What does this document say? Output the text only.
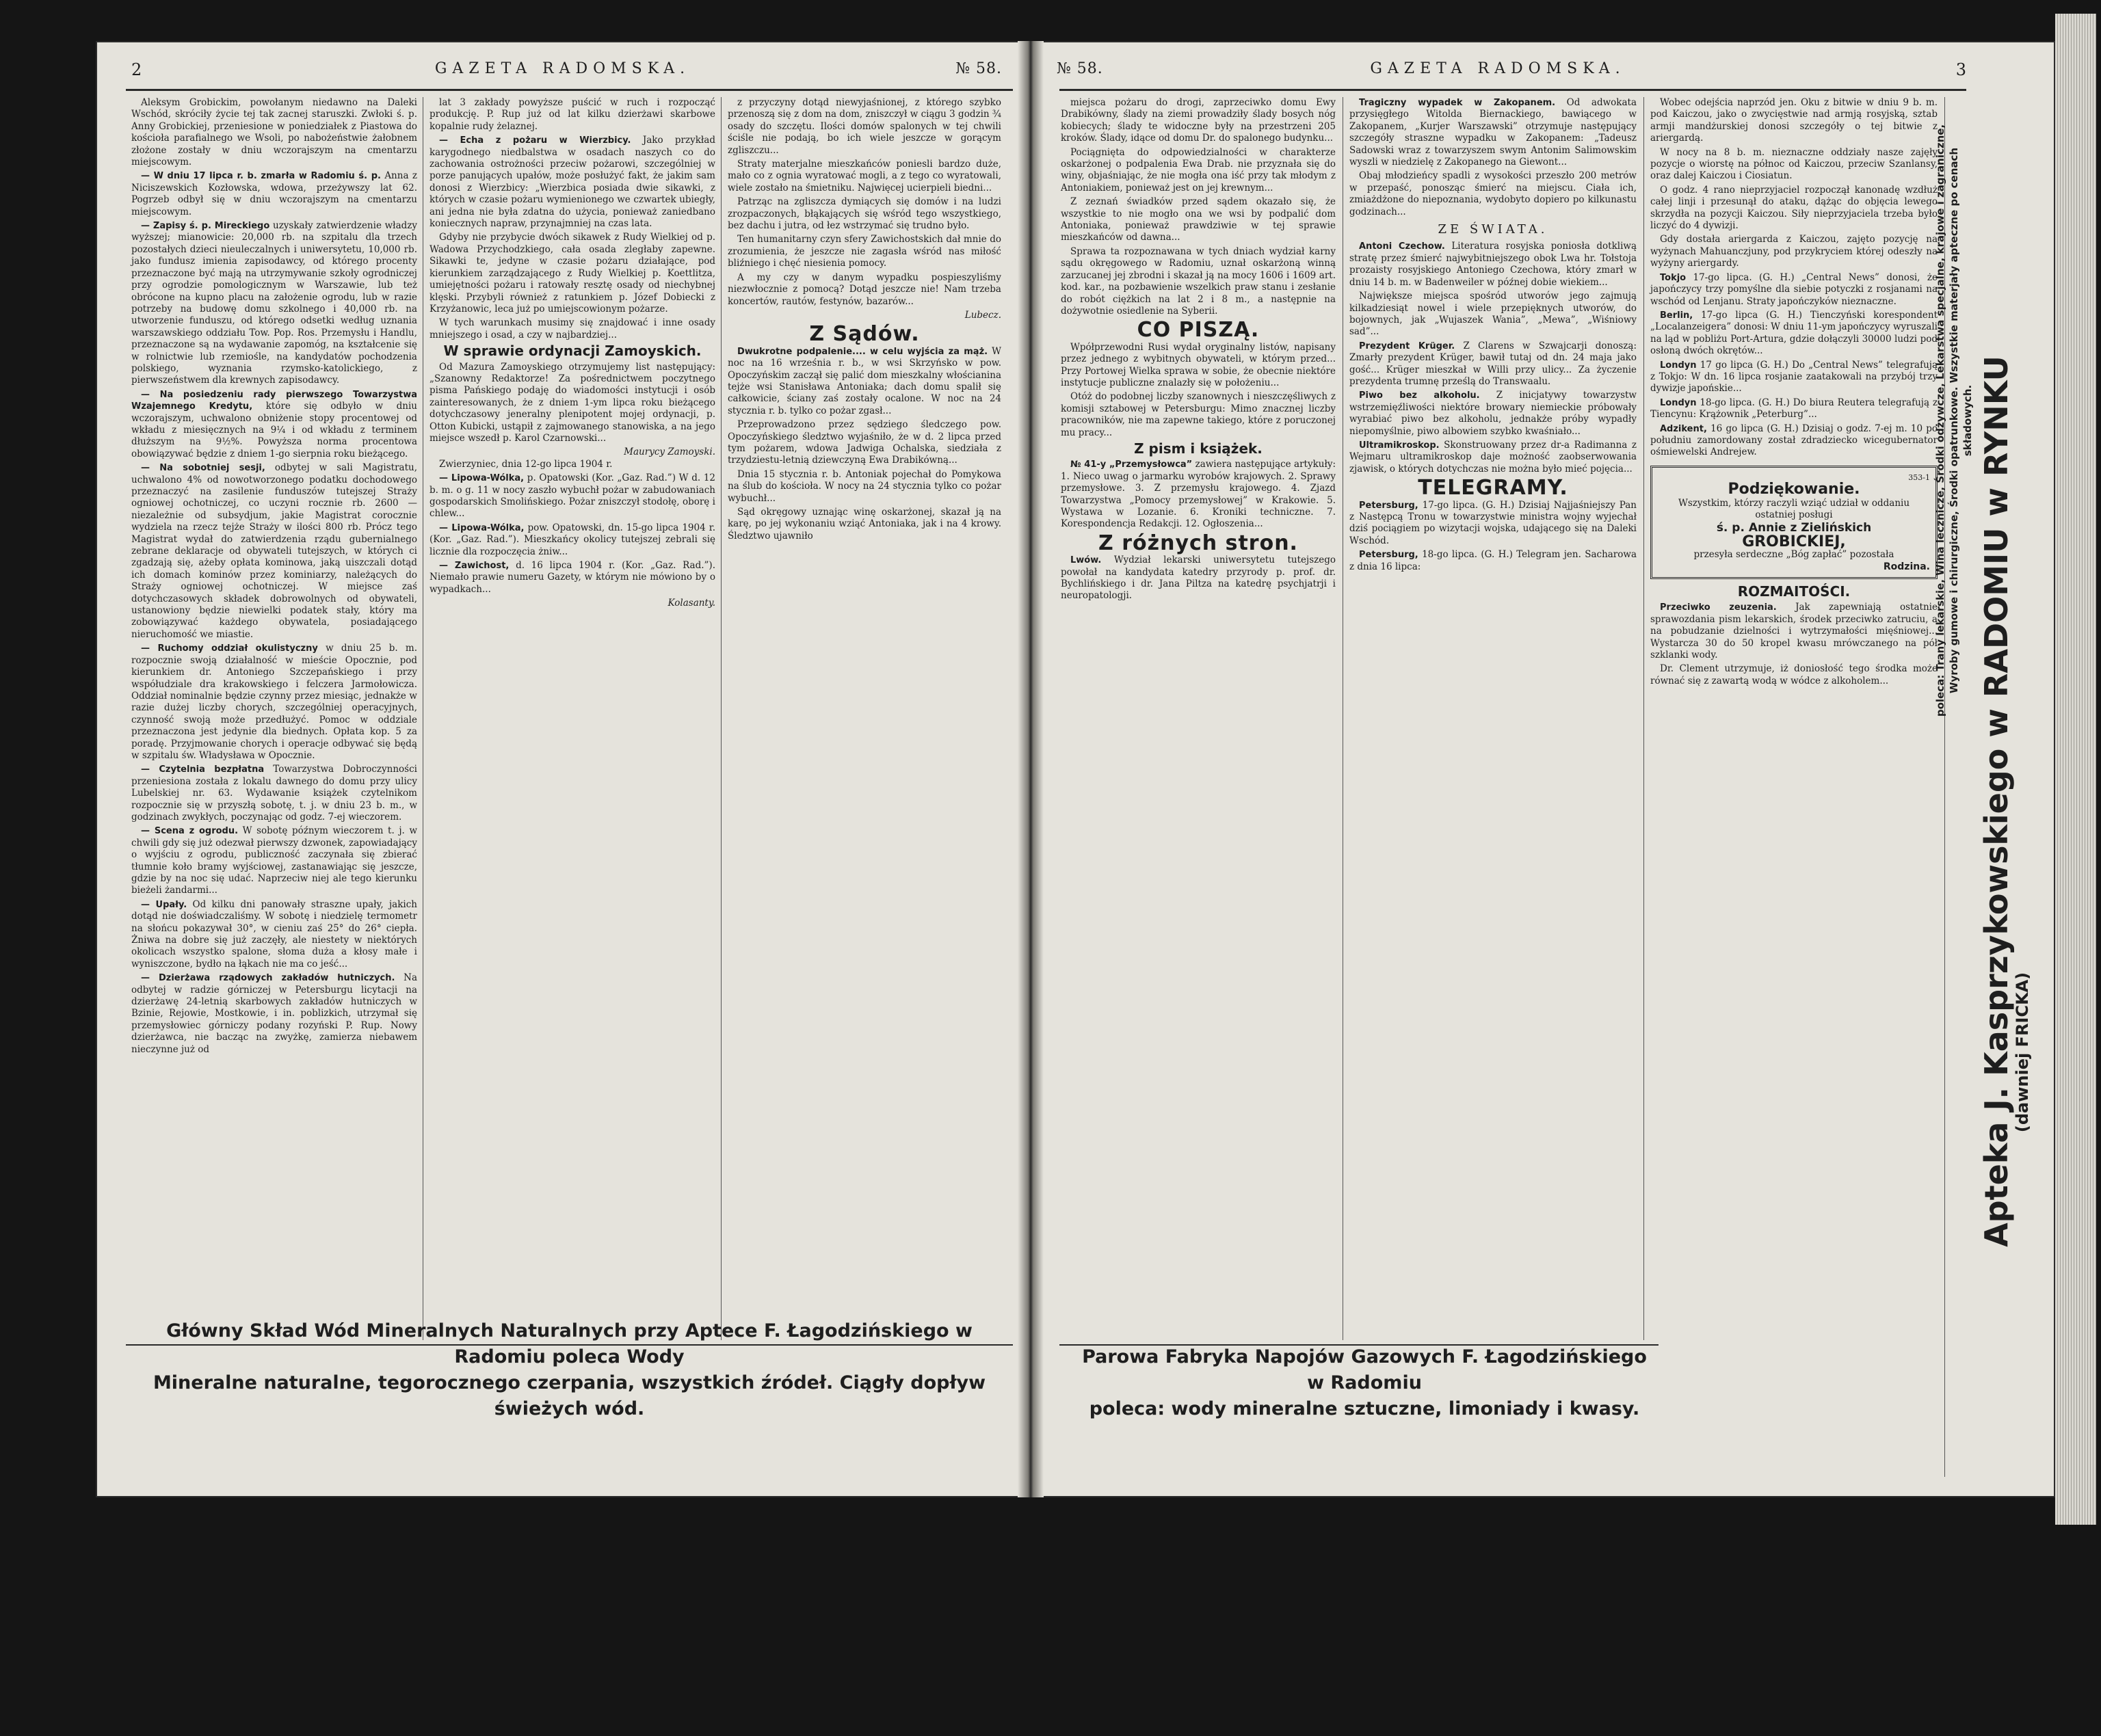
2	GAZETA RADOMSKA.	№ 58.

Aleksym Grobickim, powołanym niedawno na Daleki Wschód, skróciły życie tej tak zacnej staruszki. Zwłoki ś. p. Anny Grobickiej, przeniesione w poniedziałek z Piastowa do kościoła parafialnego we Wsoli, po nabożeństwie żałobnem złożone zostały w dniu wczorajszym na cmentarzu miejscowym.

— W dniu 17 lipca r. b. zmarła w Radomiu ś. p. Anna z Niciszewskich Kozłowska, wdowa, przeżywszy lat 62. Pogrzeb odbył się w dniu wczorajszym na cmentarzu miejscowym.

— Zapisy ś. p. Mireckiego uzyskały zatwierdzenie władzy wyższej; mianowicie: 20,000 rb. na szpitalu dla trzech pozostałych dzieci nieuleczalnych i uniwersytetu, 10,000 rb. jako fundusz imienia zapisodawcy, od którego procenty przeznaczone być mają na utrzymywanie szkoły ogrodniczej przy ogrodzie pomologicznym w Warszawie, lub też obrócone na kupno placu na założenie ogrodu, lub w razie potrzeby na budowę domu szkolnego i 40,000 rb. na utworzenie funduszu, od którego odsetki według uznania warszawskiego oddziału Tow. Pop. Ros. Przemysłu i Handlu, przeznaczone są na wydawanie zapomóg, na kształcenie się w rolnictwie lub rzemiośle, na kandydatów pochodzenia polskiego, wyznania rzymsko-katolickiego, z pierwszeństwem dla krewnych zapisodawcy.

— Na posiedzeniu rady pierwszego Towarzystwa Wzajemnego Kredytu, które się odbyło w dniu wczorajszym, uchwalono obniżenie stopy procentowej od wkładu z miesięcznych na 9¼ i od wkładu z terminem dłuższym na 9½%. Powyższa norma procentowa obowiązywać będzie z dniem 1-go sierpnia roku bieżącego.

— Na sobotniej sesji, odbytej w sali Magistratu, uchwalono 4% od nowotworzonego podatku dochodowego przeznaczyć na zasilenie funduszów tutejszej Straży ogniowej ochotniczej, co uczyni rocznie rb. 2600 — niezależnie od subsydjum, jakie Magistrat corocznie wydziela na rzecz tejże Straży w ilości 800 rb. Prócz tego Magistrat wydał do zatwierdzenia rządu gubernialnego zebrane deklaracje od obywateli tutejszych, w których ci zgadzają się, ażeby opłata kominowa, jaką uiszczali dotąd ich domach kominów przez kominiarzy, należących do Straży ogniowej ochotniczej. W miejsce zaś dotychczasowych składek dobrowolnych od obywateli, ustanowiony będzie niewielki podatek stały, który ma zobowiązywać każdego obywatela, posiadającego nieruchomość we miastie.

— Ruchomy oddział okulistyczny w dniu 25 b. m. rozpocznie swoją działalność w mieście Opocznie, pod kierunkiem dr. Antoniego Szczepańskiego i przy współudziale dra krakowskiego i felczera Jarmołowicza. Oddział nominalnie będzie czynny przez miesiąc, jednakże w razie dużej liczby chorych, szczególniej operacyjnych, czynność swoją może przedłużyć. Pomoc w oddziale przeznaczona jest jedynie dla biednych. Opłata kop. 5 za poradę. Przyjmowanie chorych i operacje odbywać się będą w szpitalu św. Władysława w Opocznie.

— Czytelnia bezpłatna Towarzystwa Dobroczynności przeniesiona została z lokalu dawnego do domu przy ulicy Lubelskiej nr. 63. Wydawanie książek czytelnikom rozpocznie się w przyszłą sobotę, t. j. w dniu 23 b. m., w godzinach zwykłych, poczynając od godz. 7-ej wieczorem.

— Scena z ogrodu. W sobotę późnym wieczorem t. j. w chwili gdy się już odezwał pierwszy dzwonek, zapowiadający o wyjściu z ogrodu, publiczność zaczynała się zbierać tłumnie koło bramy wyjściowej, zastanawiając się jeszcze, gdzie by na noc się udać. Naprzeciw niej ale tego kierunku bieżeli żandarmi...

— Upały. Od kilku dni panowały straszne upały, jakich dotąd nie doświadczaliśmy. W sobotę i niedzielę termometr na słońcu pokazywał 30°, w cieniu zaś 25° do 26° ciepła. Żniwa na dobre się już zaczęły, ale niestety w niektórych okolicach wszystko spalone, słoma duża a kłosy małe i wyniszczone, bydło na łąkach nie ma co jeść...

— Dzierżawa rządowych zakładów hutniczych. Na odbytej w radzie górniczej w Petersburgu licytacji na dzierżawę 24-letnią skarbowych zakładów hutniczych w Bzinie, Rejowie, Mostkowie, i in. poblizkich, utrzymał się przemysłowiec górniczy podany rozyński P. Rup. Nowy dzierżawca, nie bacząc na zwyżkę, zamierza niebawem nieczynne już od

lat 3 zakłady powyższe puścić w ruch i rozpocząć produkcję. P. Rup już od lat kilku dzierżawi skarbowe kopalnie rudy żelaznej.

— Echa z pożaru w Wierzbicy. Jako przykład karygodnego niedbalstwa w osadach naszych co do zachowania ostrożności przeciw pożarowi, szczególniej w porze panujących upałów, może posłużyć fakt, że jakim sam donosi z Wierzbicy: „Wierzbica posiada dwie sikawki, z których w czasie pożaru wymienionego we czwartek ubiegły, ani jedna nie była zdatna do użycia, ponieważ zaniedbano koniecznych napraw, przynajmniej na czas lata.

Gdyby nie przybycie dwóch sikawek z Rudy Wielkiej od p. Wadowa Przychodzkiego, cała osada zległaby zapewne. Sikawki te, jedyne w czasie pożaru działające, pod kierunkiem zarządzającego z Rudy Wielkiej p. Koettlitza, umiejętności pożaru i ratowały resztę osady od niechybnej klęski. Przybyli również z ratunkiem p. Józef Dobiecki z Krzyżanowic, leca już po umiejscowionym pożarze.

W tych warunkach musimy się znajdować i inne osady mniejszego i osad, a czy w najbardziej...

W sprawie ordynacji Zamoyskich.

Od Mazura Zamoyskiego otrzymujemy list następujący: „Szanowny Redaktorze! Za pośrednictwem poczytnego pisma Pańskiego podaję do wiadomości instytucji i osób zainteresowanych, że z dniem 1-ym lipca roku bieżącego dotychczasowy jeneralny plenipotent mojej ordynacji, p. Otton Kubicki, ustąpił z zajmowanego stanowiska, a na jego miejsce wszedł p. Karol Czarnowski...

Maurycy Zamoyski.

Zwierzyniec, dnia 12-go lipca 1904 r.

— Lipowa-Wólka, p. Opatowski (Kor. „Gaz. Rad.”) W d. 12 b. m. o g. 11 w nocy zaszło wybuchł pożar w zabudowaniach gospodarskich Smolińskiego. Pożar zniszczył stodołę, oborę i chlew...

— Lipowa-Wólka, pow. Opatowski, dn. 15-go lipca 1904 r. (Kor. „Gaz. Rad.”). Mieszkańcy okolicy tutejszej zebrali się licznie dla rozpoczęcia żniw...

— Zawichost, d. 16 lipca 1904 r. (Kor. „Gaz. Rad.”). Niemało prawie numeru Gazety, w którym nie mówiono by o wypadkach...

Kolasanty.

z przyczyny dotąd niewyjaśnionej, z którego szybko przenoszą się z dom na dom, zniszczył w ciągu 3 godzin ¾ osady do szczętu. Ilości domów spalonych w tej chwili ściśle nie podają, bo ich wiele jeszcze w gorącym zgliszczu...

Straty materjalne mieszkańców poniesli bardzo duże, mało co z ognia wyratować mogli, a z tego co wyratowali, wiele zostało na śmietniku. Najwięcej ucierpieli biedni...

Patrząc na zgliszcza dymiących się domów i na ludzi zrozpaczonych, błąkających się wśród tego wszystkiego, bez dachu i jutra, od łez wstrzymać się trudno było.

Ten humanitarny czyn sfery Zawichostskich dał mnie do zrozumienia, że jeszcze nie zagasła wśród nas miłość bliźniego i chęć niesienia pomocy.

A my czy w danym wypadku pospieszyliśmy niezwłocznie z pomocą? Dotąd jeszcze nie! Nam trzeba koncertów, rautów, festynów, bazarów...

Lubecz.
Z Sądów.

Dwukrotne podpalenie.... w celu wyjścia za mąż. W noc na 16 września r. b., w wsi Skrzyńsko w pow. Opoczyńskim zaczął się palić dom mieszkalny włościanina tejże wsi Stanisława Antoniaka; dach domu spalił się całkowicie, ściany zaś zostały ocalone. W noc na 24 stycznia r. b. tylko co pożar zgasł...

Przeprowadzono przez sędziego śledczego pow. Opoczyńskiego śledztwo wyjaśniło, że w d. 2 lipca przed tym pożarem, wdowa Jadwiga Ochalska, siedziała z trzydziestu-letnią dziewczyną Ewa Drabikówną...

Dnia 15 stycznia r. b. Antoniak pojechał do Pomykowa na ślub do kościoła. W nocy na 24 stycznia tylko co pożar wybuchł...

Sąd okręgowy uznając winę oskarżonej, skazał ją na karę, po jej wykonaniu wziąć Antoniaka, jak i na 4 krowy. Śledztwo ujawniło

Główny Skład Wód Mineralnych Naturalnych przy Aptece F. Łagodzińskiego w Radomiu poleca Wody
Mineralne naturalne, tegorocznego czerpania, wszystkich źródeł. Ciągły dopływ świeżych wód.
№ 58.	GAZETA RADOMSKA.	3

miejsca pożaru do drogi, zaprzeciwko domu Ewy Drabikówny, ślady na ziemi prowadziły ślady bosych nóg kobiecych; ślady te widoczne były na przestrzeni 205 kroków. Ślady, idące od domu Dr. do spalonego budynku...

Pociągnięta do odpowiedzialności w charakterze oskarżonej o podpalenia Ewa Drab. nie przyznała się do winy, objaśniając, że nie mogła ona iść przy tak młodym z Antoniakiem, ponieważ jest on jej krewnym...

Z zeznań świadków przed sądem okazało się, że wszystkie to nie mogło ona we wsi by podpalić dom Antoniaka, ponieważ prawdziwie w tej sprawie mieszkańców od dawna...

Sprawa ta rozpoznawana w tych dniach wydział karny sądu okręgowego w Radomiu, uznał oskarżoną winną zarzucanej jej zbrodni i skazał ją na mocy 1606 i 1609 art. kod. kar., na pozbawienie wszelkich praw stanu i zesłanie do robót ciężkich na lat 2 i 8 m., a następnie na dożywotnie osiedlenie na Syberii.

CO PISZĄ.

Wpółprzewodni Rusi wydał oryginalny listów, napisany przez jednego z wybitnych obywateli, w którym przed... Przy Portowej Wielka sprawa w sobie, że obecnie niektóre instytucje publiczne znalazły się w położeniu...

Otóż do podobnej liczby szanownych i nieszczęśliwych z komisji sztabowej w Petersburgu: Mimo znacznej liczby pracowników, nie ma zapewne takiego, które z poruczonej mu pracy...

Z pism i książek.

№ 41-y „Przemysłowca” zawiera następujące artykuły: 1. Nieco uwag o jarmarku wyrobów krajowych. 2. Sprawy przemysłowe. 3. Z przemysłu krajowego. 4. Zjazd Towarzystwa „Pomocy przemysłowej” w Krakowie. 5. Wystawa w Lozanie. 6. Kroniki techniczne. 7. Korespondencja Redakcji. 12. Ogłoszenia...

Z różnych stron.

Lwów. Wydział lekarski uniwersytetu tutejszego powołał na kandydata katedry przyrody p. prof. dr. Bychlińskiego i dr. Jana Piltza na katedrę psychjatrji i neuropatologji.

Tragiczny wypadek w Zakopanem. Od adwokata przysięgłego Witolda Biernackiego, bawiącego w Zakopanem, „Kurjer Warszawski” otrzymuje następujący szczegóły straszne wypadku w Zakopanem: „Tadeusz Sadowski wraz z towarzyszem swym Antonim Salimowskim wyszli w niedzielę z Zakopanego na Giewont...

Obaj młodzieńcy spadli z wysokości przeszło 200 metrów w przepaść, ponosząc śmierć na miejscu. Ciała ich, zmiażdżone do niepoznania, wydobyto dopiero po kilkunastu godzinach...

ZE ŚWIATA.

Antoni Czechow. Literatura rosyjska poniosła dotkliwą stratę przez śmierć najwybitniejszego obok Lwa hr. Tołstoja prozaisty rosyjskiego Antoniego Czechowa, który zmarł w dniu 14 b. m. w Badenweiler w późnej dobie wiekiem...

Największe miejsca spośród utworów jego zajmują kilkadziesiąt nowel i wiele przepięknych utworów, do bojownych, jak „Wujaszek Wania”, „Mewa”, „Wiśniowy sad”...

Prezydent Krüger. Z Clarens w Szwajcarji donoszą: Zmarły prezydent Krüger, bawił tutaj od dn. 24 maja jako gość... Krüger mieszkał w Willi przy ulicy... Za życzenie prezydenta trumnę prześlą do Transwaalu.

Piwo bez alkoholu. Z inicjatywy towarzystw wstrzemięźliwości niektóre browary niemieckie próbowały wyrabiać piwo bez alkoholu, jednakże próby wypadły niepomyślnie, piwo albowiem szybko kwaśniało...

Ultramikroskop. Skonstruowany przez dr-a Radimanna z Wejmaru ultramikroskop daje możność zaobserwowania zjawisk, o których dotychczas nie można było mieć pojęcia...

TELEGRAMY.

Petersburg, 17-go lipca. (G. H.) Dzisiaj Najjaśniejszy Pan z Następcą Tronu w towarzystwie ministra wojny wyjechał dziś pociągiem po wizytacji wojska, udającego się na Daleki Wschód.

Petersburg, 18-go lipca. (G. H.) Telegram jen. Sacharowa z dnia 16 lipca:

Wobec odejścia naprzód jen. Oku z bitwie w dniu 9 b. m. pod Kaiczou, jako o zwycięstwie nad armją rosyjską, sztab armji mandżurskiej donosi szczegóły o tej bitwie z ariergardą.

W nocy na 8 b. m. nieznaczne oddziały nasze zajęły pozycje o wiorstę na północ od Kaiczou, przeciw Szanlansy, oraz dalej Kaiczou i Ciosiatun.

O godz. 4 rano nieprzyjaciel rozpoczął kanonadę wzdłuż całej linji i przesunął do ataku, dążąc do objęcia lewego skrzydła na pozycji Kaiczou. Siły nieprzyjaciela trzeba było liczyć do 4 dywizji.

Gdy dostała ariergarda z Kaiczou, zajęto pozycję na wyżynach Mahuanczjuny, pod przykryciem której odeszły na wyżyny ariergardy.

Tokjo 17-go lipca. (G. H.) „Central News” donosi, że japończycy trzy pomyślne dla siebie potyczki z rosjanami na wschód od Lenjanu. Straty japończyków nieznaczne.

Berlin, 17-go lipca (G. H.) Tienczyński korespondent „Localanzeigera” donosi: W dniu 11-ym japończycy wyruszali na ląd w pobliżu Port-Artura, gdzie dołączyli 30000 ludzi pod osłoną dwóch okrętów...

Londyn 17 go lipca (G. H.) Do „Central News” telegrafują z Tokjo: W dn. 16 lipca rosjanie zaatakowali na przybój trzy dywizje japońskie...

Londyn 18-go lipca. (G. H.) Do biura Reutera telegrafują z Tiencynu: Krążownik „Peterburg”...

Adzikent, 16 go lipca (G. H.) Dzisiaj o godz. 7-ej m. 10 po południu zamordowany został zdradziecko wicegubernator ośmiewelski Andrejew.

353-1
Podziękowanie.
Wszystkim, którzy raczyli wziąć udział w oddaniu ostatniej posługi
ś. p. Annie z Zielińskich
GROBICKIEJ,
przesyła serdeczne „Bóg zapłać” pozostała
Rodzina.
ROZMAITOŚCI.

Przeciwko zeuzenia. Jak zapewniają ostatnie sprawozdania pism lekarskich, środek przeciwko zatruciu, a na pobudzanie dzielności i wytrzymałości mięśniowej... Wystarcza 30 do 50 kropel kwasu mrówczanego na pół szklanki wody.

Dr. Clement utrzymuje, iż doniosłość tego środka może równać się z zawartą wodą w wódce z alkoholem...

Parowa Fabryka Napojów Gazowych F. Łagodzińskiego w Radomiu
poleca: wody mineralne sztuczne, limoniady i kwasy.
Apteka J. Kasprzykowskiego w RADOMIU w RYNKU
(dawniej FRICKA)
poleca: Trany lekarskie, Wina lecznicze, Środki odżywcze, Lekarstwa specjalne, krajowe i zagraniczne, Wyroby gumowe i chirurgiczne, Środki opatrunkowe. Wszystkie materjały apteczne po cenach składowych.
